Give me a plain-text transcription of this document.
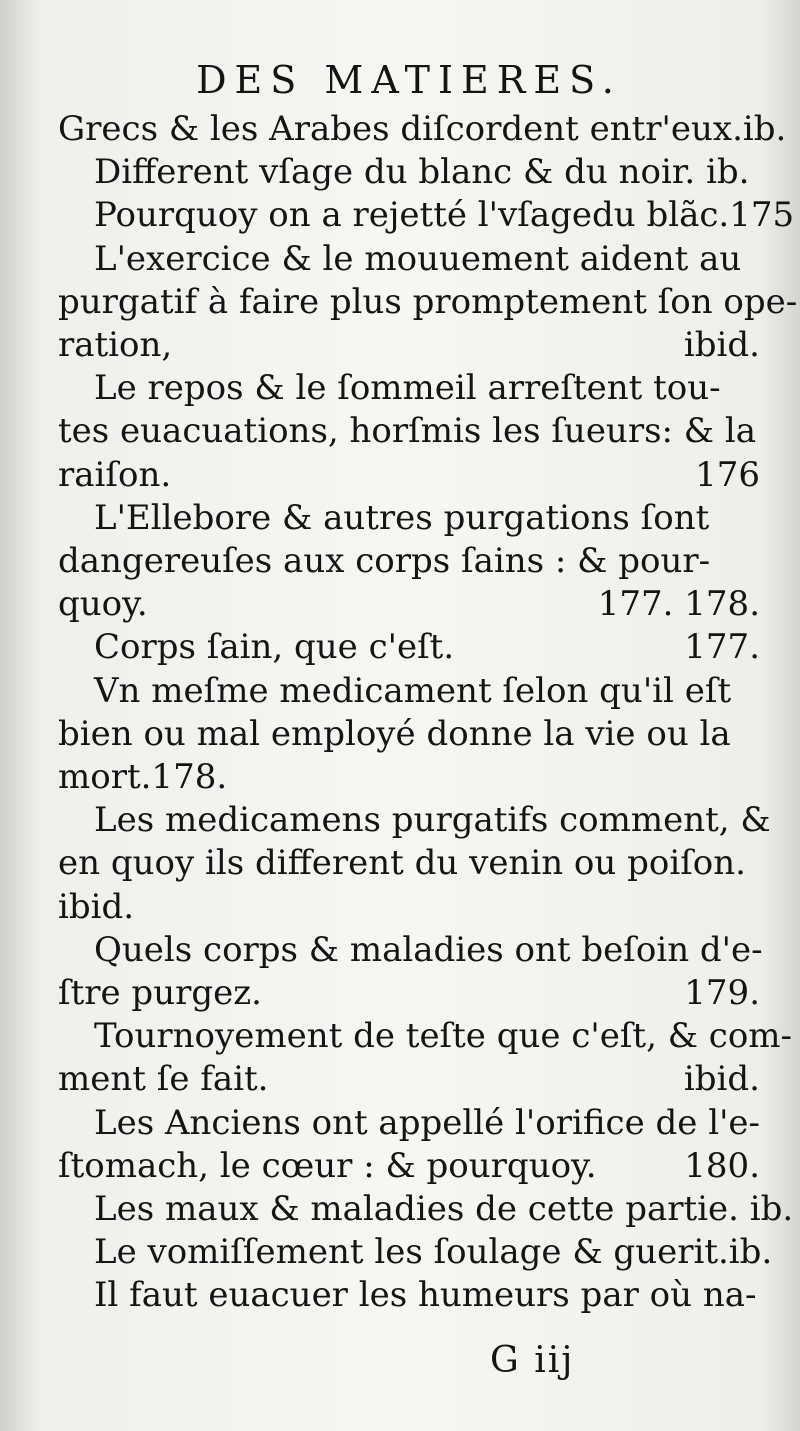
DES MATIERES.
Grecs & les Arabes diſcordent entr'eux.ib.
Different vſage du blanc & du noir. ib.
Pourquoy on a rejetté l'vſagedu blãc.175
L'exercice & le mouuement aident au
purgatif à faire plus promptement ſon ope-
ration,	ibid.
Le repos & le ſommeil arreſtent tou-
tes euacuations, horſmis les ſueurs: & la
raiſon.	176
L'Ellebore & autres purgations ſont
dangereuſes aux corps ſains : & pour-
quoy.	177. 178.
Corps ſain, que c'eſt.	177.
Vn meſme medicament ſelon qu'il eſt
bien ou mal employé donne la vie ou la
mort.178.
Les medicamens purgatifs comment, &
en quoy ils different du venin ou poiſon.
ibid.
Quels corps & maladies ont beſoin d'e-
ſtre purgez.	179.
Tournoyement de teſte que c'eſt, & com-
ment ſe fait.	ibid.
Les Anciens ont appellé l'orifice de l'e-
ſtomach, le cœur : & pourquoy.	180.
Les maux & maladies de cette partie. ib.
Le vomiſſement les ſoulage & guerit.ib.
Il faut euacuer les humeurs par où na-
G iij
